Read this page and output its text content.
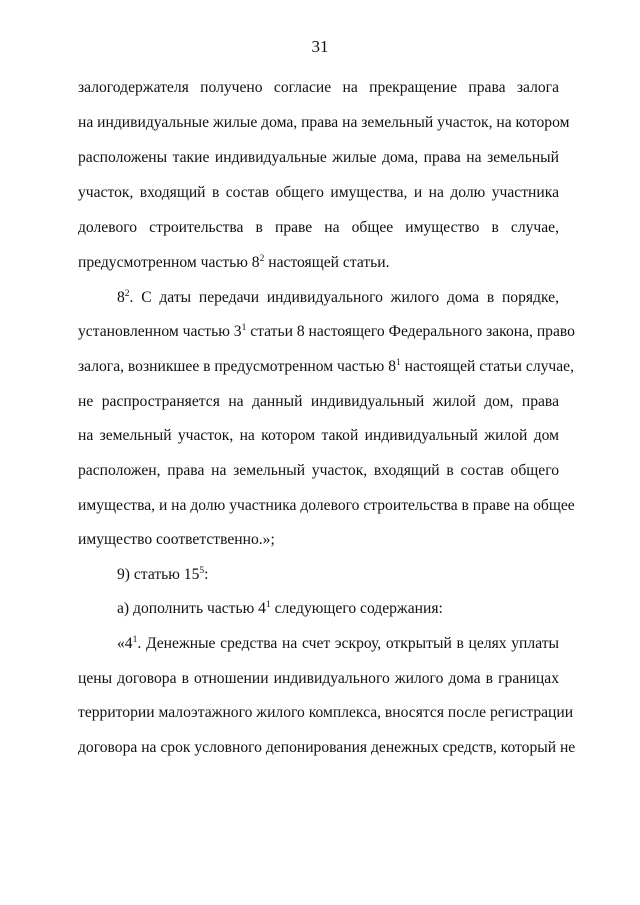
31
залогодержателя полученo согласие на прекращение права залога
на индивидуальные жилые дома, права на земельный участок, на котором
расположены такие индивидуальные жилые дома, права на земельный
участок, входящий в состав общего имущества, и на долю участника
долевого строительства в праве на общее имущество в случае,
предусмотренном частью $8^2$ настоящей статьи.
$8^2$. С даты передачи индивидуального жилого дома в порядке,
установленном частью $3^1$ статьи 8 настоящего Федерального закона, право
залога, возникшее в предусмотренном частью $8^1$ настоящей статьи случае,
не распространяется на данный индивидуальный жилой дом, права
на земельный участок, на котором такой индивидуальный жилой дом
расположен, права на земельный участок, входящий в состав общего
имущества, и на долю участника долевого строительства в праве на общее
имущество соответственно.»;
9) статью $15^5$:
а) дополнить частью $4^1$ следующего содержания:
«$4^1$. Денежные средства на счет эскроу, открытый в целях уплаты
цены договора в отношении индивидуального жилого дома в границах
территории малоэтажного жилого комплекса, вносятся после регистрации
договора на срок условного депонирования денежных средств, который не
